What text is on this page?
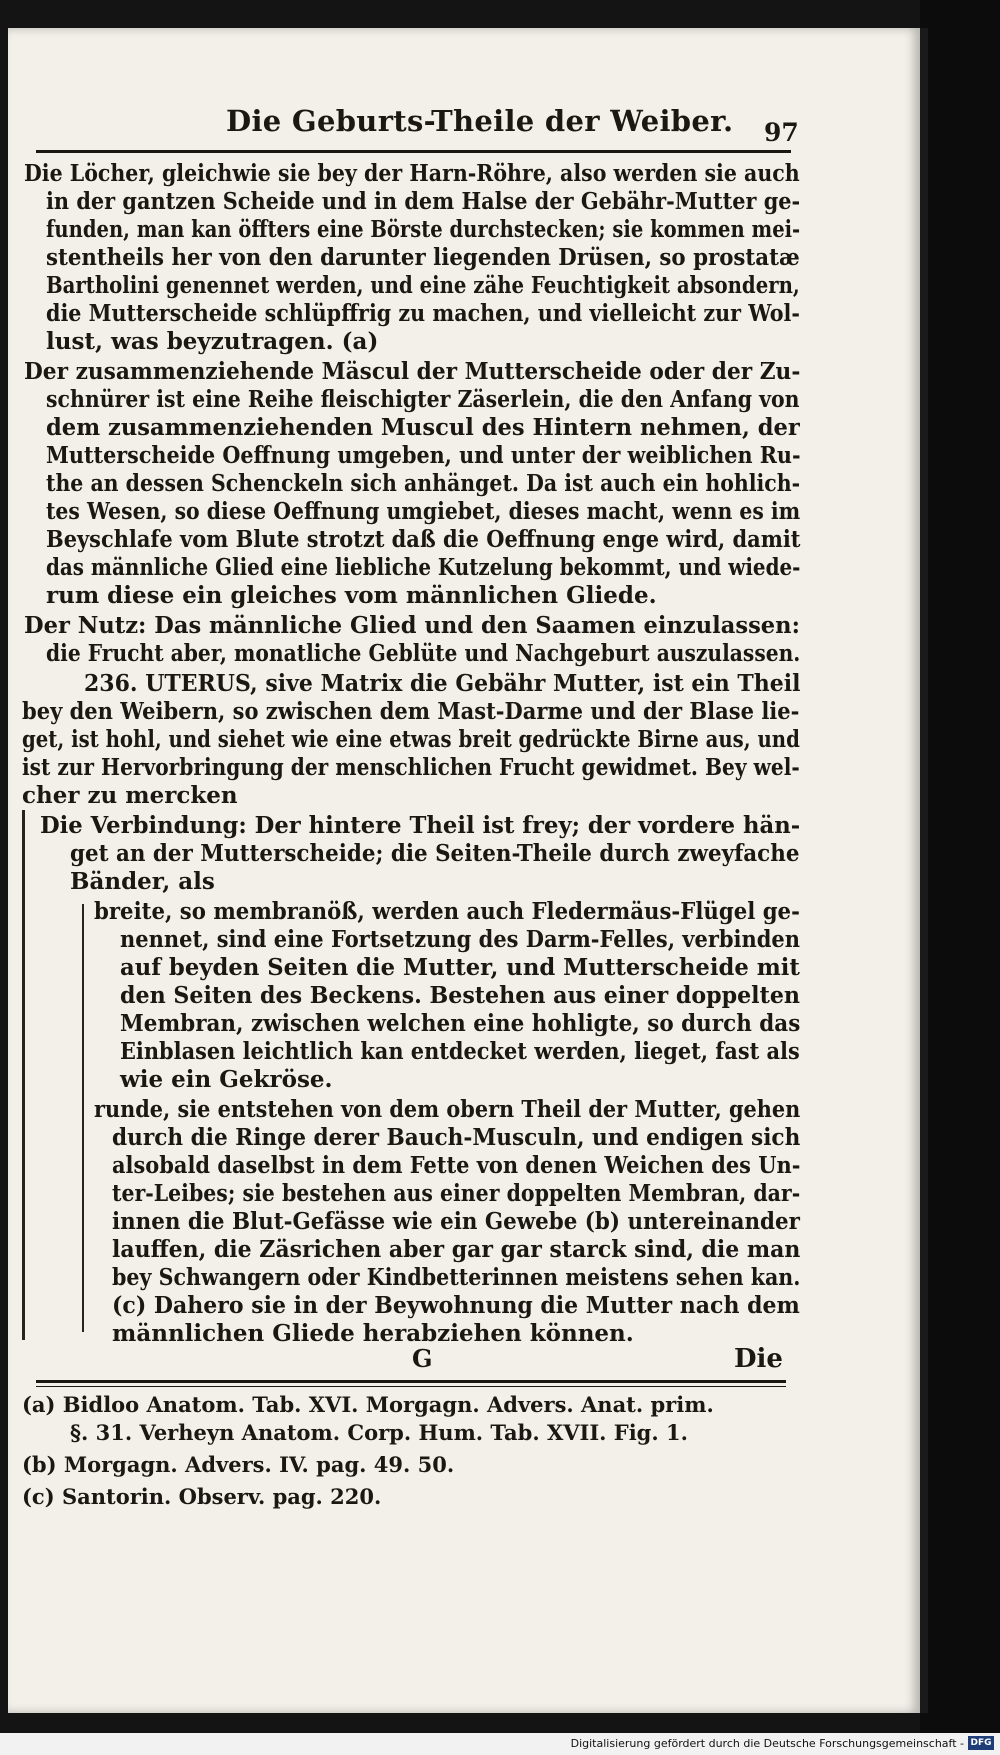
Die Geburts-Theile der Weiber. 97
Die Löcher, gleichwie sie bey der Harn-Röhre, also werden sie auch
in der gantzen Scheide und in dem Halse der Gebähr-Mutter ge-
funden, man kan öffters eine Börste durchstecken; sie kommen mei-
stentheils her von den darunter liegenden Drüsen, so prostatæ
Bartholini genennet werden, und eine zähe Feuchtigkeit absondern,
die Mutterscheide schlüpffrig zu machen, und vielleicht zur Wol-
lust, was beyzutragen. (a)
Der zusammenziehende Mäscul der Mutterscheide oder der Zu-
schnürer ist eine Reihe fleischigter Zäserlein, die den Anfang von
dem zusammenziehenden Muscul des Hintern nehmen, der
Mutterscheide Oeffnung umgeben, und unter der weiblichen Ru-
the an dessen Schenckeln sich anhänget. Da ist auch ein hohlich-
tes Wesen, so diese Oeffnung umgiebet, dieses macht, wenn es im
Beyschlafe vom Blute strotzt daß die Oeffnung enge wird, damit
das männliche Glied eine liebliche Kutzelung bekommt, und wiede-
rum diese ein gleiches vom männlichen Gliede.
Der Nutz: Das männliche Glied und den Saamen einzulassen:
die Frucht aber, monatliche Geblüte und Nachgeburt auszulassen.
236. UTERUS, sive Matrix die Gebähr Mutter, ist ein Theil
bey den Weibern, so zwischen dem Mast-Darme und der Blase lie-
get, ist hohl, und siehet wie eine etwas breit gedrückte Birne aus, und
ist zur Hervorbringung der menschlichen Frucht gewidmet. Bey wel-
cher zu mercken
Die Verbindung: Der hintere Theil ist frey; der vordere hän-
get an der Mutterscheide; die Seiten-Theile durch zweyfache
Bänder, als
breite, so membranöß, werden auch Fledermäus-Flügel ge-
nennet, sind eine Fortsetzung des Darm-Felles, verbinden
auf beyden Seiten die Mutter, und Mutterscheide mit
den Seiten des Beckens. Bestehen aus einer doppelten
Membran, zwischen welchen eine hohligte, so durch das
Einblasen leichtlich kan entdecket werden, lieget, fast als
wie ein Gekröse.
runde, sie entstehen von dem obern Theil der Mutter, gehen
durch die Ringe derer Bauch-Musculn, und endigen sich
alsobald daselbst in dem Fette von denen Weichen des Un-
ter-Leibes; sie bestehen aus einer doppelten Membran, dar-
innen die Blut-Gefässe wie ein Gewebe (b) untereinander
lauffen, die Zäsrichen aber gar gar starck sind, die man
bey Schwangern oder Kindbetterinnen meistens sehen kan.
(c) Dahero sie in der Beywohnung die Mutter nach dem
männlichen Gliede herabziehen können.
G	Die
(a) Bidloo Anatom. Tab. XVI. Morgagn. Advers. Anat. prim.
§. 31. Verheyn Anatom. Corp. Hum. Tab. XVII. Fig. 1.
(b) Morgagn. Advers. IV. pag. 49. 50.
(c) Santorin. Observ. pag. 220.
Digitalisierung gefördert durch die Deutsche Forschungsgemeinschaft - DFG
